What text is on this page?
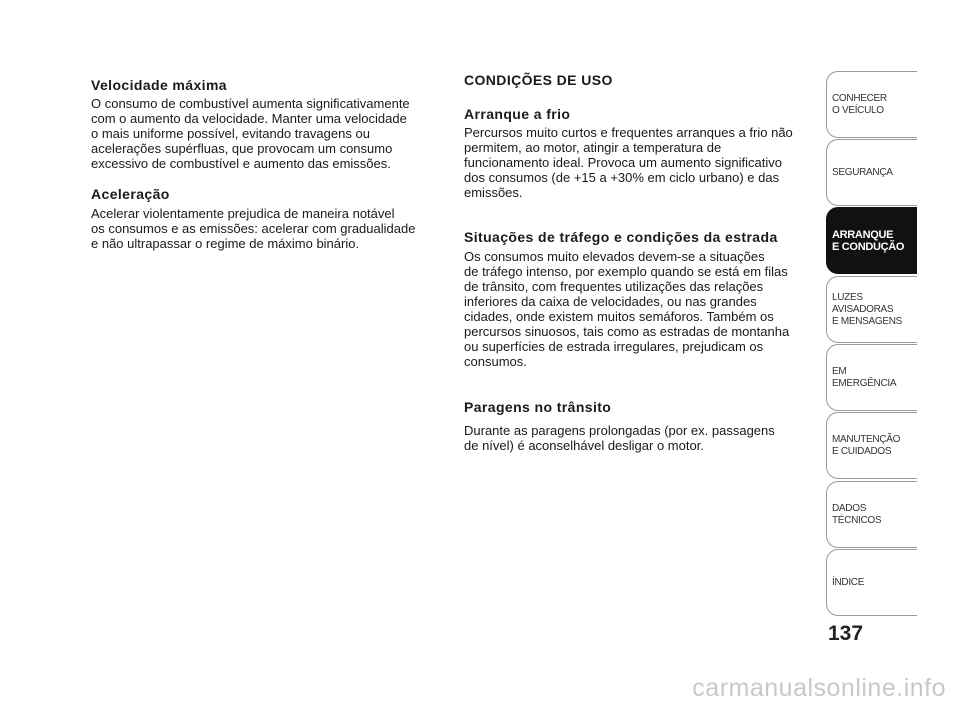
Velocidade máxima

O consumo de combustível aumenta significativamente
com o aumento da velocidade. Manter uma velocidade
o mais uniforme possível, evitando travagens ou
acelerações supérfluas, que provocam um consumo
excessivo de combustível e aumento das emissões.

Aceleração

Acelerar violentamente prejudica de maneira notável
os consumos e as emissões: acelerar com gradualidade
e não ultrapassar o regime de máximo binário.

CONDIÇÕES DE USO

Arranque a frio

Percursos muito curtos e frequentes arranques a frio não
permitem, ao motor, atingir a temperatura de
funcionamento ideal. Provoca um aumento significativo
dos consumos (de +15 a +30% em ciclo urbano) e das
emissões.

Situações de tráfego e condições da estrada

Os consumos muito elevados devem-se a situações
de tráfego intenso, por exemplo quando se está em filas
de trânsito, com frequentes utilizações das relações
inferiores da caixa de velocidades, ou nas grandes
cidades, onde existem muitos semáforos. Também os
percursos sinuosos, tais como as estradas de montanha
ou superfícies de estrada irregulares, prejudicam os
consumos.

Paragens no trânsito

Durante as paragens prolongadas (por ex. passagens
de nível) é aconselhável desligar o motor.

CONHECER
O VEÍCULO
SEGURANÇA
ARRANQUE
E CONDUÇÃO
LUZES
AVISADORAS
E MENSAGENS
EM EMERGÊNCIA
MANUTENÇÃO
E CUIDADOS
DADOS
TÉCNICOS
ÍNDICE
137
carmanualsonline.info
